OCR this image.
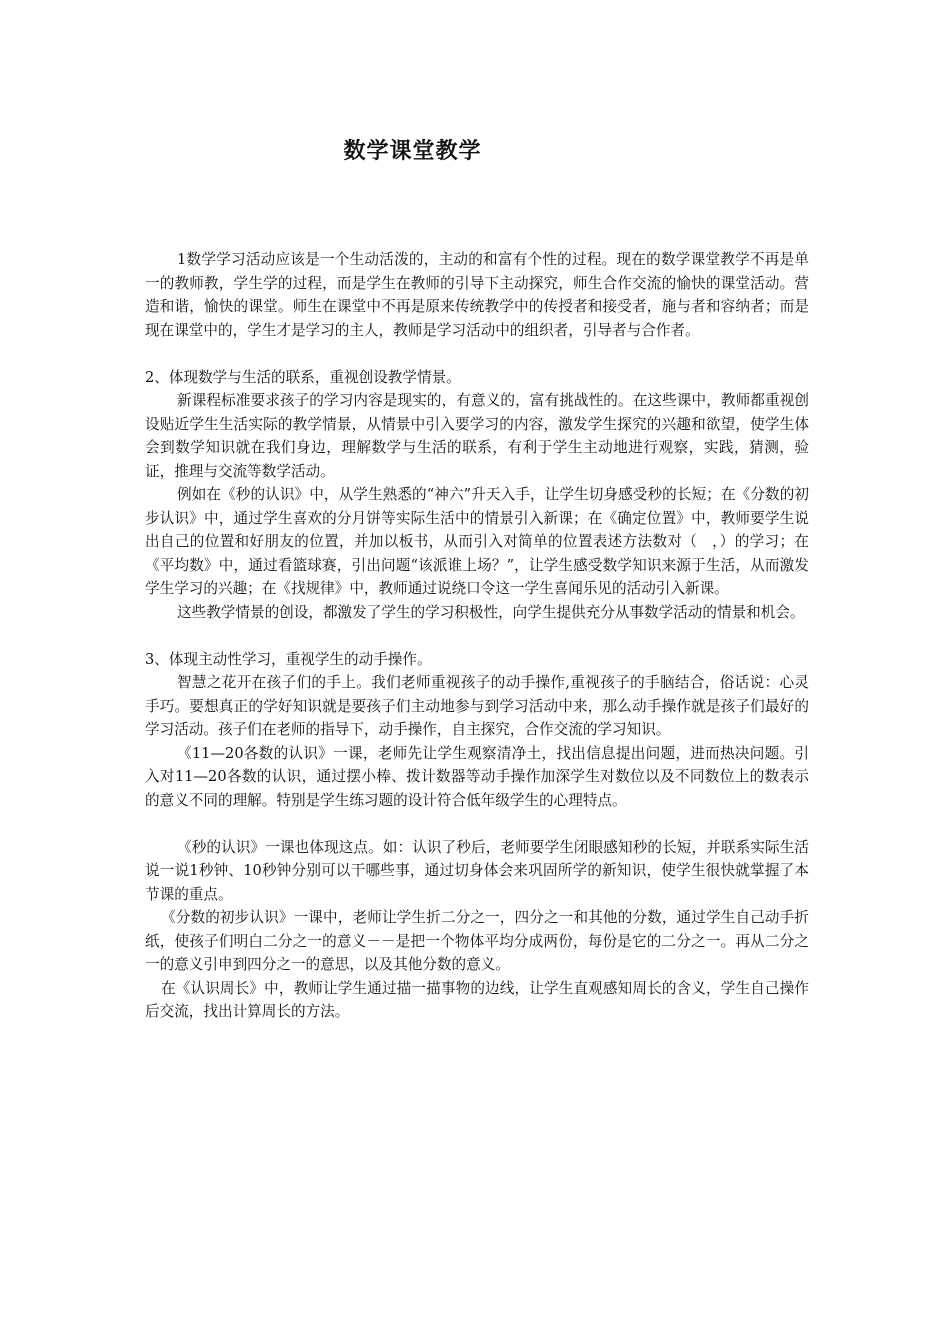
数学课堂教学

1数学学习活动应该是一个生动活泼的，主动的和富有个性的过程。现在的数学课堂教学不再是单一的教师教，学生学的过程，而是学生在教师的引导下主动探究，师生合作交流的愉快的课堂活动。营　造和谐，愉快的课堂。师生在课堂中不再是原来传统教学中的传授者和接受者，施与者和容纳者；而是现在课堂中的，学生才是学习的主人，教师是学习活动中的组织者，引导者与合作者。

2、体现数学与生活的联系，重视创设教学情景。

新课程标准要求孩子的学习内容是现实的，有意义的，富有挑战性的。在这些课中，教师都重视创设贴近学生生活实际的教学情景，从情景中引入要学习的内容，激发学生探究的兴趣和欲望，使学生体会到数学知识就在我们身边，理解数学与生活的联系，有利于学生主动地进行观察，实践，猜测，验证，推理与交流等数学活动。

例如在《秒的认识》中，从学生熟悉的“神六”升天入手，让学生切身感受秒的长短；在《分数的初步认识》中，通过学生喜欢的分月饼等实际生活中的情景引入新课；在《确定位置》中，教师要学生说出自己的位置和好朋友的位置，并加以板书，从而引入对简单的位置表述方法数对（　，）的学习；在《平均数》中，通过看篮球赛，引出问题“该派谁上场？”，让学生感受数学知识来源于生活，从而激发学生学习的兴趣；在《找规律》中，教师通过说绕口令这一学生喜闻乐见的活动引入新课。

这些教学情景的创设，都激发了学生的学习积极性，向学生提供充分从事数学活动的情景和机会。

3、体现主动性学习，重视学生的动手操作。

智慧之花开在孩子们的手上。我们老师重视孩子的动手操作,重视孩子的手脑结合，俗话说：心灵手巧。要想真正的学好知识就是要孩子们主动地参与到学习活动中来，那么动手操作就是孩子们最好的学习活动。孩子们在老师的指导下，动手操作，自主探究，合作交流的学习知识。

《11—20各数的认识》一课，老师先让学生观察清净土，找出信息提出问题，进而热决问题。引入对11—20各数的认识，通过摆小棒、拨计数器等动手操作加深学生对数位以及不同数位上的数表示的意义不同的理解。特别是学生练习题的设计符合低年级学生的心理特点。

《秒的认识》一课也体现这点。如：认识了秒后，老师要学生闭眼感知秒的长短，并联系实际生活说一说1秒钟、10秒钟分别可以干哪些事，通过切身体会来巩固所学的新知识，使学生很快就掌握了本节课的重点。

《分数的初步认识》一课中，老师让学生折二分之一，四分之一和其他的分数，通过学生自己动手折纸，使孩子们明白二分之一的意义－－是把一个物体平均分成两份，每份是它的二分之一。再从二分之一的意义引申到四分之一的意思，以及其他分数的意义。

在《认识周长》中，教师让学生通过描一描事物的边线，让学生直观感知周长的含义，学生自己操作后交流，找出计算周长的方法。
